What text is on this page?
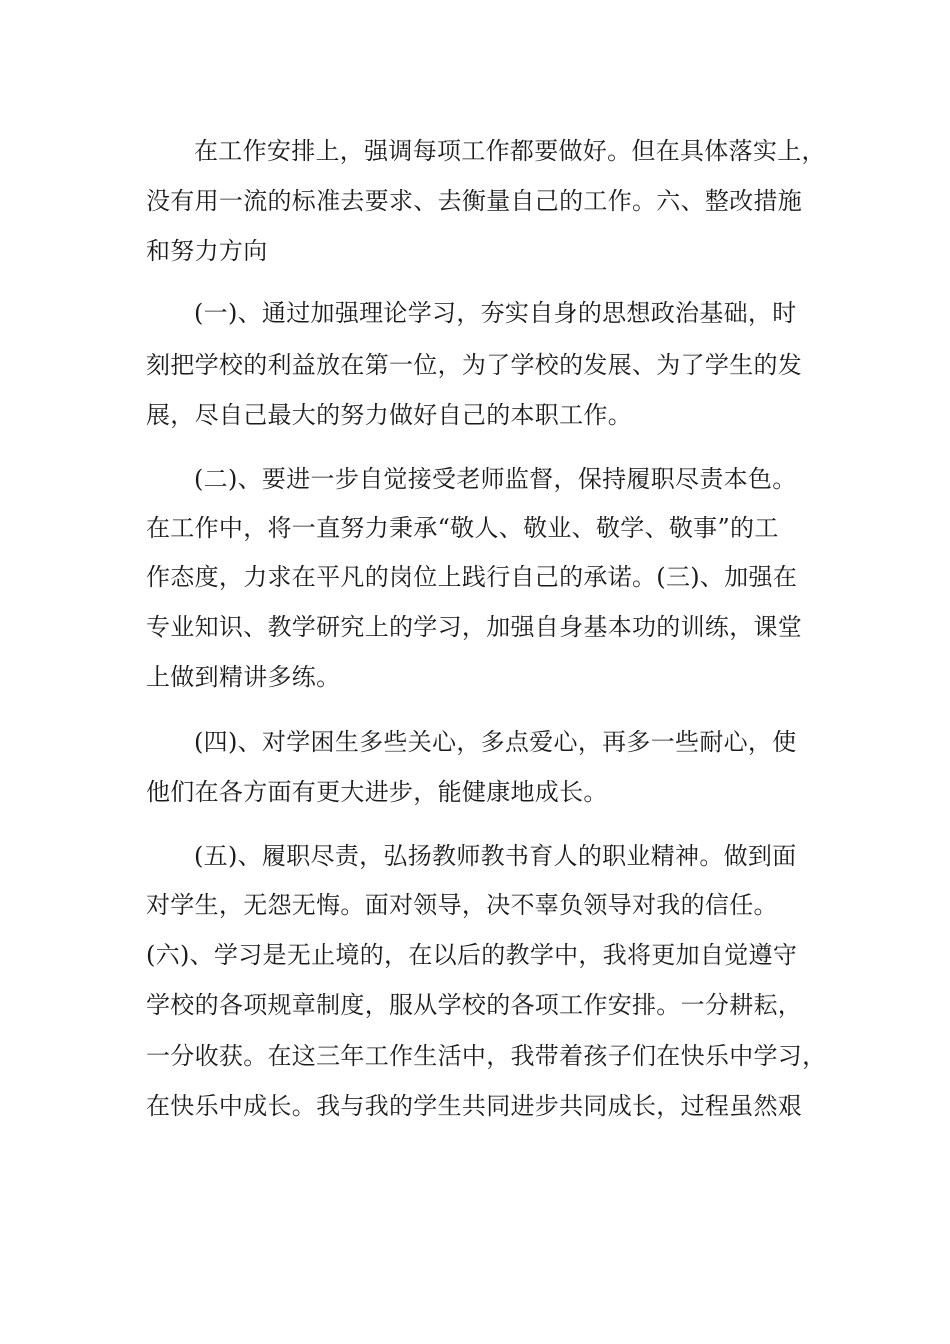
在工作安排上，强调每项工作都要做好。但在具体落实上，
没有用一流的标准去要求、去衡量自己的工作。六、整改措施
和努力方向
(一)、通过加强理论学习，夯实自身的思想政治基础，时
刻把学校的利益放在第一位，为了学校的发展、为了学生的发
展，尽自己最大的努力做好自己的本职工作。
(二)、要进一步自觉接受老师监督，保持履职尽责本色。
在工作中，将一直努力秉承“敬人、敬业、敬学、敬事”的工
作态度，力求在平凡的岗位上践行自己的承诺。(三)、加强在
专业知识、教学研究上的学习，加强自身基本功的训练，课堂
上做到精讲多练。
(四)、对学困生多些关心，多点爱心，再多一些耐心，使
他们在各方面有更大进步，能健康地成长。
(五)、履职尽责，弘扬教师教书育人的职业精神。做到面
对学生，无怨无悔。面对领导，决不辜负领导对我的信任。
(六)、学习是无止境的，在以后的教学中，我将更加自觉遵守
学校的各项规章制度，服从学校的各项工作安排。一分耕耘，
一分收获。在这三年工作生活中，我带着孩子们在快乐中学习，
在快乐中成长。我与我的学生共同进步共同成长，过程虽然艰
